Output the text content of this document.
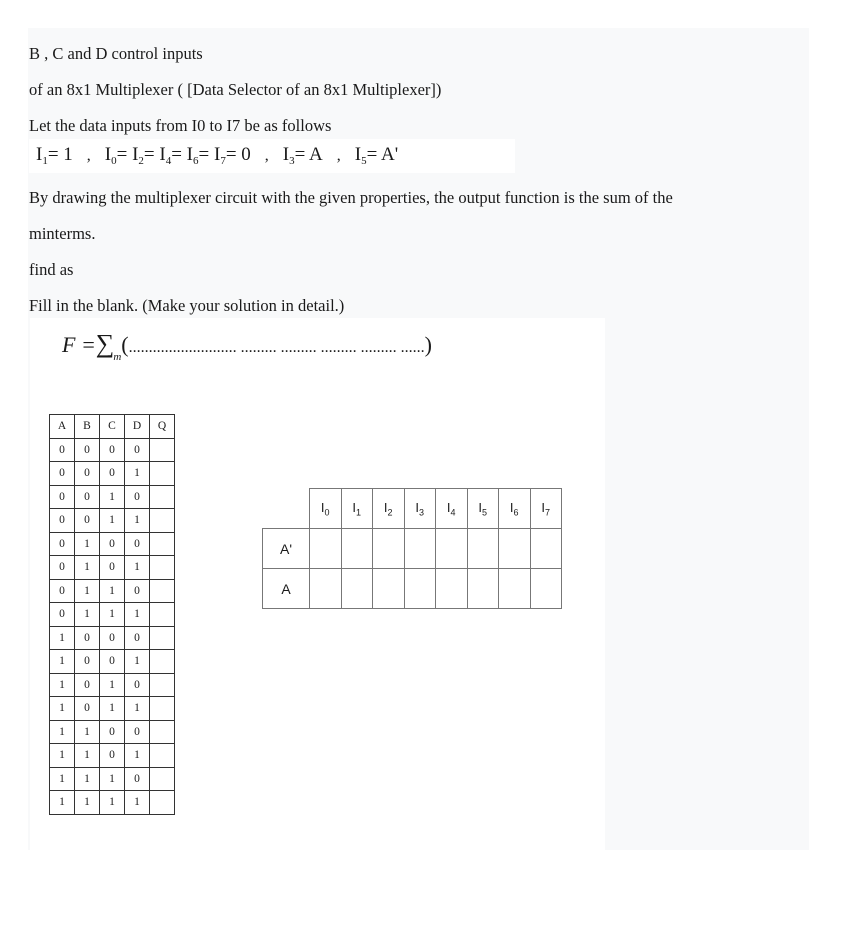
B , C and D control inputs
of an 8x1 Multiplexer ( [Data Selector of an 8x1 Multiplexer])
Let the data inputs from I0 to I7 be as follows
$I_1= 1$ , $I_0= I_2= I_4= I_6= I_7= 0$ , $I_3= A$ , $I_5= A'$
By drawing the multiplexer circuit with the given properties, the output function is the sum of the
minterms.
find as
Fill in the blank. (Make your solution in detail.)
$F =\sum_m$(........................... ......... ......... ......... ......... ......)
A	B	C	D	Q
0	0	0	0	
0	0	0	1	
0	0	1	0	
0	0	1	1	
0	1	0	0	
0	1	0	1	
0	1	1	0	
0	1	1	1	
1	0	0	0	
1	0	0	1	
1	0	1	0	
1	0	1	1	
1	1	0	0	
1	1	0	1	
1	1	1	0	
1	1	1	1	
	$I_0$	$I_1$	$I_2$	$I_3$	$I_4$	$I_5$	$I_6$	$I_7$
A'								
A								
